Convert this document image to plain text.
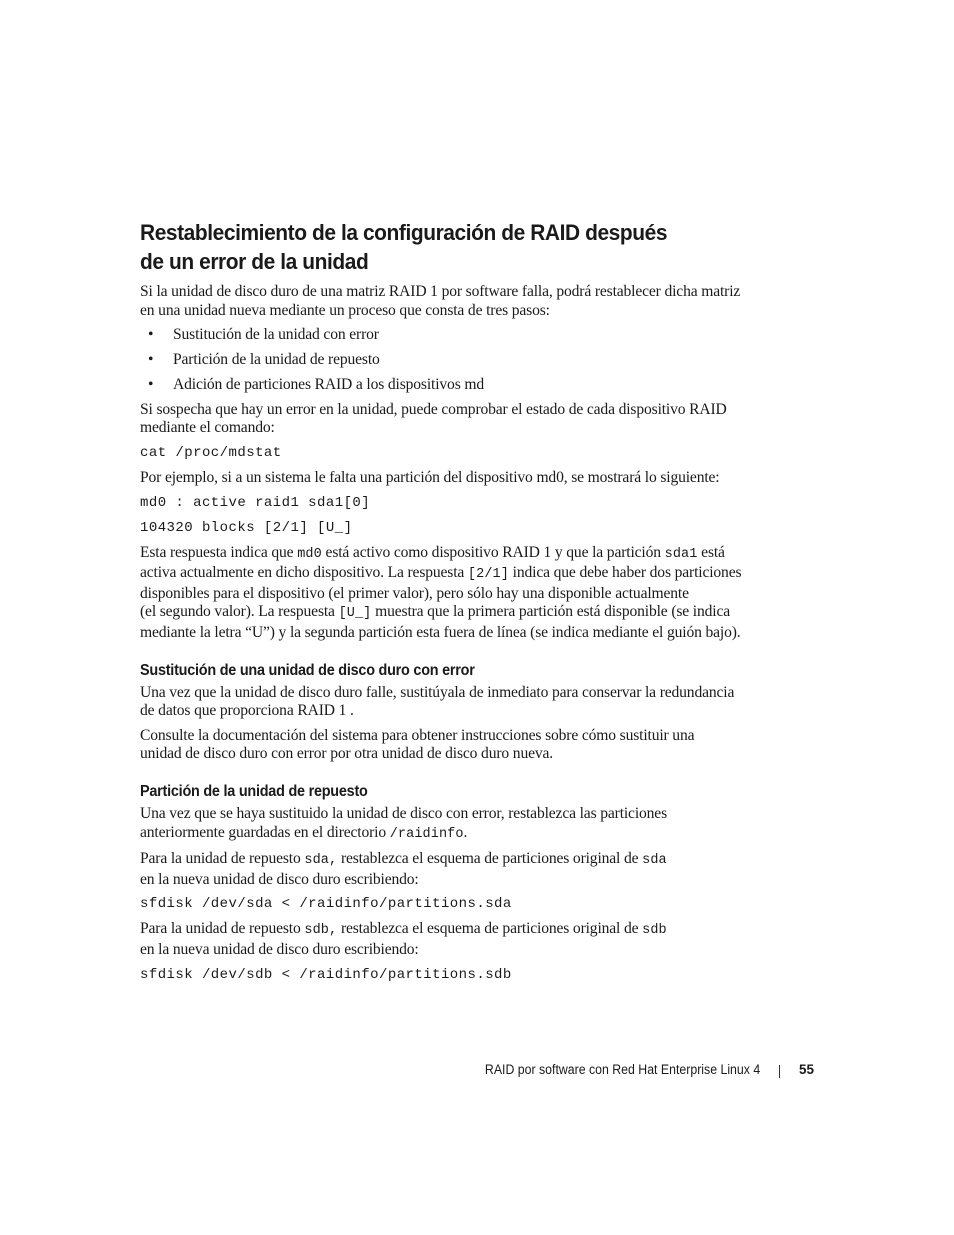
Restablecimiento de la configuración de RAID después
de un error de la unidad

Si la unidad de disco duro de una matriz RAID 1 por software falla, podrá restablecer dicha matriz
en una unidad nueva mediante un proceso que consta de tres pasos:

• Sustitución de la unidad con error
• Partición de la unidad de repuesto
• Adición de particiones RAID a los dispositivos md

Si sospecha que hay un error en la unidad, puede comprobar el estado de cada dispositivo RAID
mediante el comando:

cat /proc/mdstat

Por ejemplo, si a un sistema le falta una partición del dispositivo md0, se mostrará lo siguiente:

md0 : active raid1 sda1[0]
104320 blocks [2/1] [U_]

Esta respuesta indica que md0 está activo como dispositivo RAID 1 y que la partición sda1 está
activa actualmente en dicho dispositivo. La respuesta [2/1] indica que debe haber dos particiones
disponibles para el dispositivo (el primer valor), pero sólo hay una disponible actualmente
(el segundo valor). La respuesta [U_] muestra que la primera partición está disponible (se indica
mediante la letra “U”) y la segunda partición esta fuera de línea (se indica mediante el guión bajo).

Sustitución de una unidad de disco duro con error

Una vez que la unidad de disco duro falle, sustitúyala de inmediato para conservar la redundancia
de datos que proporciona RAID 1 .

Consulte la documentación del sistema para obtener instrucciones sobre cómo sustituir una
unidad de disco duro con error por otra unidad de disco duro nueva.

Partición de la unidad de repuesto

Una vez que se haya sustituido la unidad de disco con error, restablezca las particiones
anteriormente guardadas en el directorio /raidinfo.

Para la unidad de repuesto sda, restablezca el esquema de particiones original de sda
en la nueva unidad de disco duro escribiendo:

sfdisk /dev/sda < /raidinfo/partitions.sda

Para la unidad de repuesto sdb, restablezca el esquema de particiones original de sdb
en la nueva unidad de disco duro escribiendo:

sfdisk /dev/sdb < /raidinfo/partitions.sdb
RAID por software con Red Hat Enterprise Linux 4	55
